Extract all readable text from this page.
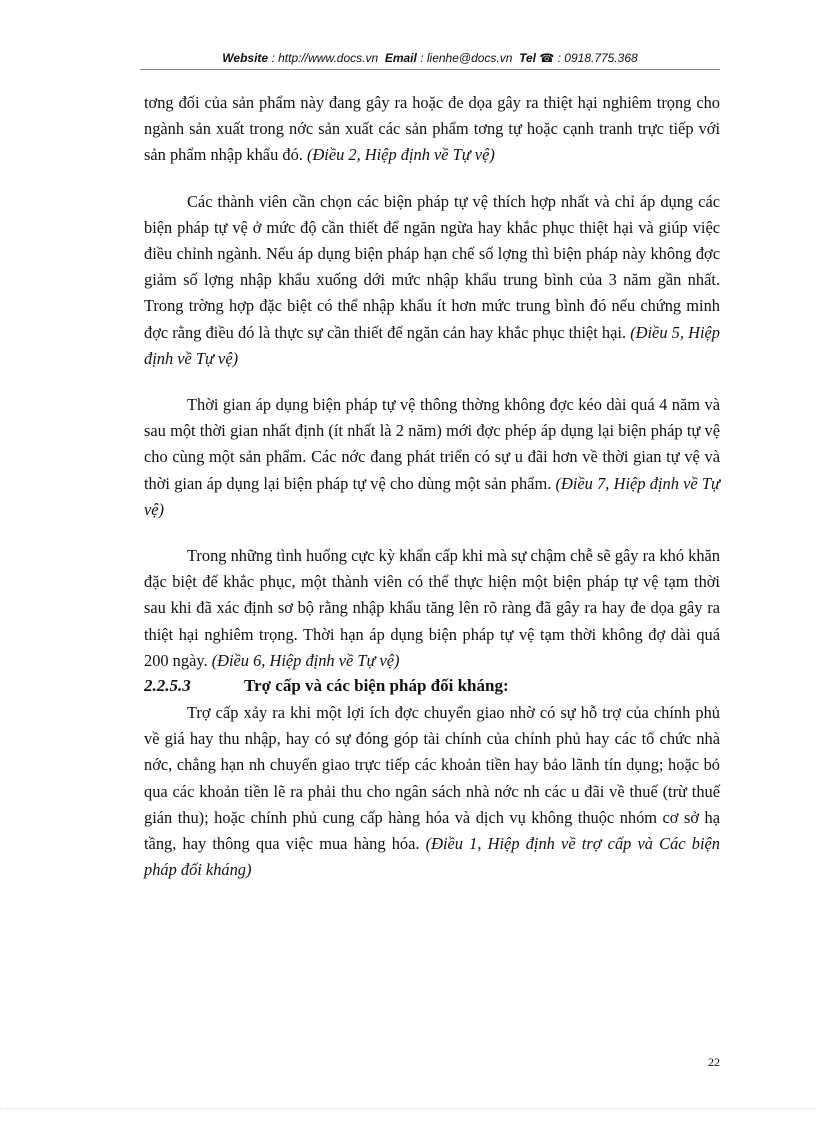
Website : http://www.docs.vn Email : lienhe@docs.vn Tel ☎ : 0918.775.368

tơng đối của sản phẩm này đang gây ra hoặc đe dọa gây ra thiệt hại nghiêm trọng cho ngành sản xuất trong nớc sản xuất các sản phẩm tơng tự hoặc cạnh tranh trực tiếp với sản phẩm nhập khẩu đó. (Điều 2, Hiệp định về Tự vệ)

Các thành viên cần chọn các biện pháp tự vệ thích hợp nhất và chỉ áp dụng các biện pháp tự vệ ở mức độ cần thiết để ngăn ngừa hay khắc phục thiệt hại và giúp việc điều chỉnh ngành. Nếu áp dụng biện pháp hạn chế số lợng thì biện pháp này không đợc giảm số lợng nhập khẩu xuống dới mức nhập khẩu trung bình của 3 năm gần nhất. Trong trờng hợp đặc biệt có thể nhập khẩu ít hơn mức trung bình đó nếu chứng minh đợc rằng điều đó là thực sự cần thiết để ngăn cản hay khắc phục thiệt hại. (Điều 5, Hiệp định về Tự vệ)

Thời gian áp dụng biện pháp tự vệ thông thờng không đợc kéo dài quá 4 năm và sau một thời gian nhất định (ít nhất là 2 năm) mới đợc phép áp dụng lại biện pháp tự vệ cho cùng một sản phẩm. Các nớc đang phát triển có sự u đãi hơn về thời gian tự vệ và thời gian áp dụng lại biện pháp tự vệ cho dùng một sản phẩm. (Điều 7, Hiệp định về Tự vệ)

Trong những tình huống cực kỳ khẩn cấp khi mà sự chậm chễ sẽ gây ra khó khăn đặc biệt để khắc phục, một thành viên có thể thực hiện một biện pháp tự vệ tạm thời sau khi đã xác định sơ bộ rằng nhập khẩu tăng lên rõ ràng đã gây ra hay đe dọa gây ra thiệt hại nghiêm trọng. Thời hạn áp dụng biện pháp tự vệ tạm thời không đợ dài quá 200 ngày. (Điều 6, Hiệp định về Tự vệ)

2.2.5.3	Trợ cấp và các biện pháp đối kháng:

Trợ cấp xảy ra khi một lợi ích đợc chuyển giao nhờ có sự hỗ trợ của chính phủ về giá hay thu nhập, hay có sự đóng góp tài chính của chính phủ hay các tổ chức nhà nớc, chẳng hạn nh chuyển giao trực tiếp các khoản tiền hay bảo lãnh tín dụng; hoặc bỏ qua các khoản tiền lẽ ra phải thu cho ngân sách nhà nớc nh các u đãi về thuế (trừ thuế gián thu); hoặc chính phủ cung cấp hàng hóa và dịch vụ không thuộc nhóm cơ sở hạ tầng, hay thông qua việc mua hàng hóa. (Điều 1, Hiệp định về trợ cấp và Các biện pháp đối kháng)

22
